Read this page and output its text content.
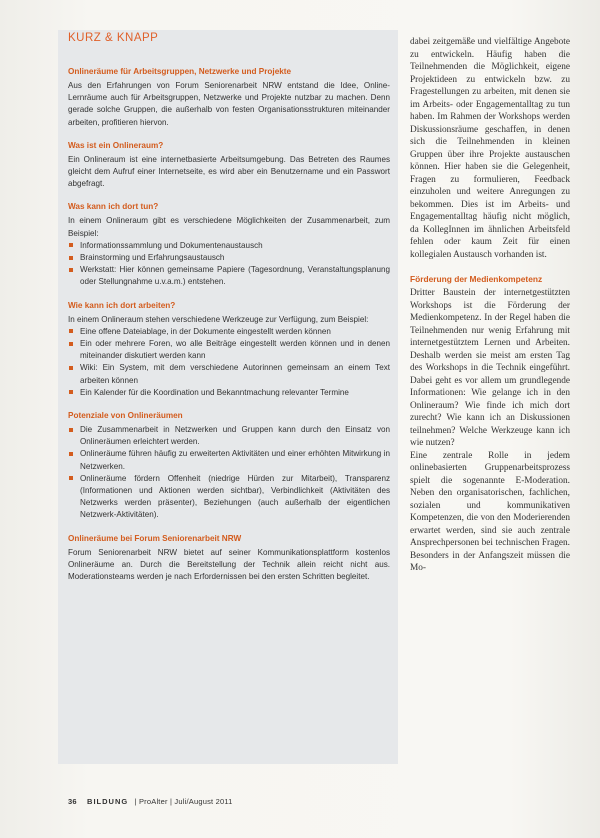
KURZ & KNAPP
Onlineräume für Arbeitsgruppen, Netzwerke und Projekte

Aus den Erfahrungen von Forum Seniorenarbeit NRW entstand die Idee, Online-Lernräume auch für Arbeitsgruppen, Netzwerke und Projekte nutzbar zu machen. Denn gerade solche Gruppen, die außerhalb von festen Organisationsstrukturen miteinander arbeiten, profitieren hiervon.

Was ist ein Onlineraum?

Ein Onlineraum ist eine internetbasierte Arbeitsumgebung. Das Betreten des Raumes gleicht dem Aufruf einer Internetseite, es wird aber ein Benutzername und ein Passwort abgefragt.

Was kann ich dort tun?

In einem Onlineraum gibt es verschiedene Möglichkeiten der Zusammenarbeit, zum Beispiel:

Informationssammlung und Dokumentenaustausch
Brainstorming und Erfahrungsaustausch
Werkstatt: Hier können gemeinsame Papiere (Tagesordnung, Veranstaltungsplanung oder Stellungnahme u.v.a.m.) entstehen.
Wie kann ich dort arbeiten?

In einem Onlineraum stehen verschiedene Werkzeuge zur Verfügung, zum Beispiel:

Eine offene Dateiablage, in der Dokumente eingestellt werden können
Ein oder mehrere Foren, wo alle Beiträge eingestellt werden können und in denen miteinander diskutiert werden kann
Wiki: Ein System, mit dem verschiedene Autorinnen gemeinsam an einem Text arbeiten können
Ein Kalender für die Koordination und Bekanntmachung relevanter Termine
Potenziale von Onlineräumen
Die Zusammenarbeit in Netzwerken und Gruppen kann durch den Einsatz von Onlineräumen erleichtert werden.
Onlineräume führen häufig zu erweiterten Aktivitäten und einer erhöhten Mitwirkung in Netzwerken.
Onlineräume fördern Offenheit (niedrige Hürden zur Mitarbeit), Transparenz (Informationen und Aktionen werden sichtbar), Verbindlichkeit (Aktivitäten des Netzwerks werden präsenter), Beziehungen (auch außerhalb der eigentlichen Netzwerk-Aktivitäten).
Onlineräume bei Forum Seniorenarbeit NRW

Forum Seniorenarbeit NRW bietet auf seiner Kommunikationsplattform kostenlos Onlineräume an. Durch die Bereitstellung der Technik allein reicht nicht aus. Moderationsteams werden je nach Erfordernissen bei den ersten Schritten begleitet.

dabei zeitgemäße und vielfältige Angebote zu entwickeln. Häufig haben die Teilnehmenden die Möglichkeit, eigene Projektideen zu entwickeln bzw. zu Fragestellungen zu arbeiten, mit denen sie im Arbeits- oder Engagementalltag zu tun haben. Im Rahmen der Workshops werden Diskussionsräume geschaffen, in denen sich die Teilnehmenden in kleinen Gruppen über ihre Projekte austauschen können. Hier haben sie die Gelegenheit, Fragen zu formulieren, Feedback einzuholen und weitere Anregungen zu bekommen. Dies ist im Arbeits- und Engagementalltag häufig nicht möglich, da KollegInnen im ähnlichen Arbeitsfeld fehlen oder kaum Zeit für einen kollegialen Austausch vorhanden ist.

Förderung der Medienkompetenz

Dritter Baustein der internetgestützten Workshops ist die Förderung der Medienkompetenz. In der Regel haben die Teilnehmenden nur wenig Erfahrung mit internetgestütztem Lernen und Arbeiten. Deshalb werden sie meist am ersten Tag des Workshops in die Technik eingeführt. Dabei geht es vor allem um grundlegende Informationen: Wie gelange ich in den Onlineraum? Wie finde ich mich dort zurecht? Wie kann ich an Diskussionen teilnehmen? Welche Werkzeuge kann ich wie nutzen?

Eine zentrale Rolle in jedem onlinebasierten Gruppenarbeitsprozess spielt die sogenannte E-Moderation. Neben den organisatorischen, fachlichen, sozialen und kommunikativen Kompetenzen, die von den Moderierenden erwartet werden, sind sie auch zentrale Ansprechpersonen bei technischen Fragen. Besonders in der Anfangszeit müssen die Mo-

36 BILDUNG | ProAlter | Juli/August 2011
